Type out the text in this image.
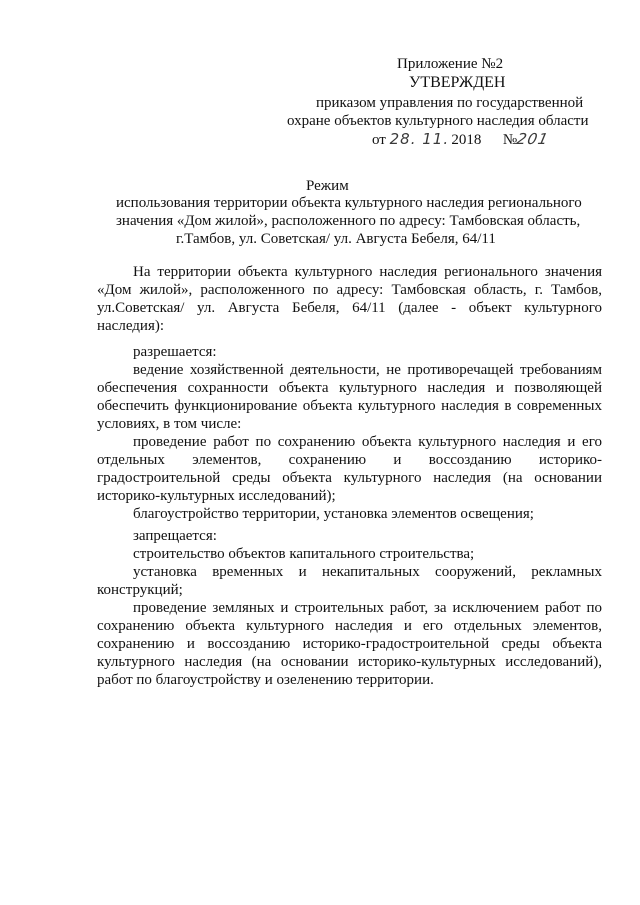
Приложение №2
УТВЕРЖДЕН
приказом управления по государственной
охране объектов культурного наследия области
от 28. 11. 2018 №201
Режим
использования территории объекта культурного наследия регионального
значения «Дом жилой», расположенного по адресу: Тамбовская область,
г.Тамбов, ул. Советская/ ул. Августа Бебеля, 64/11
На территории объекта культурного наследия регионального значения
«Дом жилой», расположенного по адресу: Тамбовская область, г. Тамбов,
ул.Советская/ ул. Августа Бебеля, 64/11 (далее - объект культурного
наследия):
разрешается:
ведение хозяйственной деятельности, не противоречащей требованиям
обеспечения сохранности объекта культурного наследия и позволяющей
обеспечить функционирование объекта культурного наследия в современных
условиях, в том числе:
проведение работ по сохранению объекта культурного наследия и его
отдельных элементов, сохранению и воссозданию историко-
градостроительной среды объекта культурного наследия (на основании
историко-культурных исследований);
благоустройство территории, установка элементов освещения;
запрещается:
строительство объектов капитального строительства;
установка временных и некапитальных сооружений, рекламных
конструкций;
проведение земляных и строительных работ, за исключением работ по
сохранению объекта культурного наследия и его отдельных элементов,
сохранению и воссозданию историко-градостроительной среды объекта
культурного наследия (на основании историко-культурных исследований),
работ по благоустройству и озеленению территории.
